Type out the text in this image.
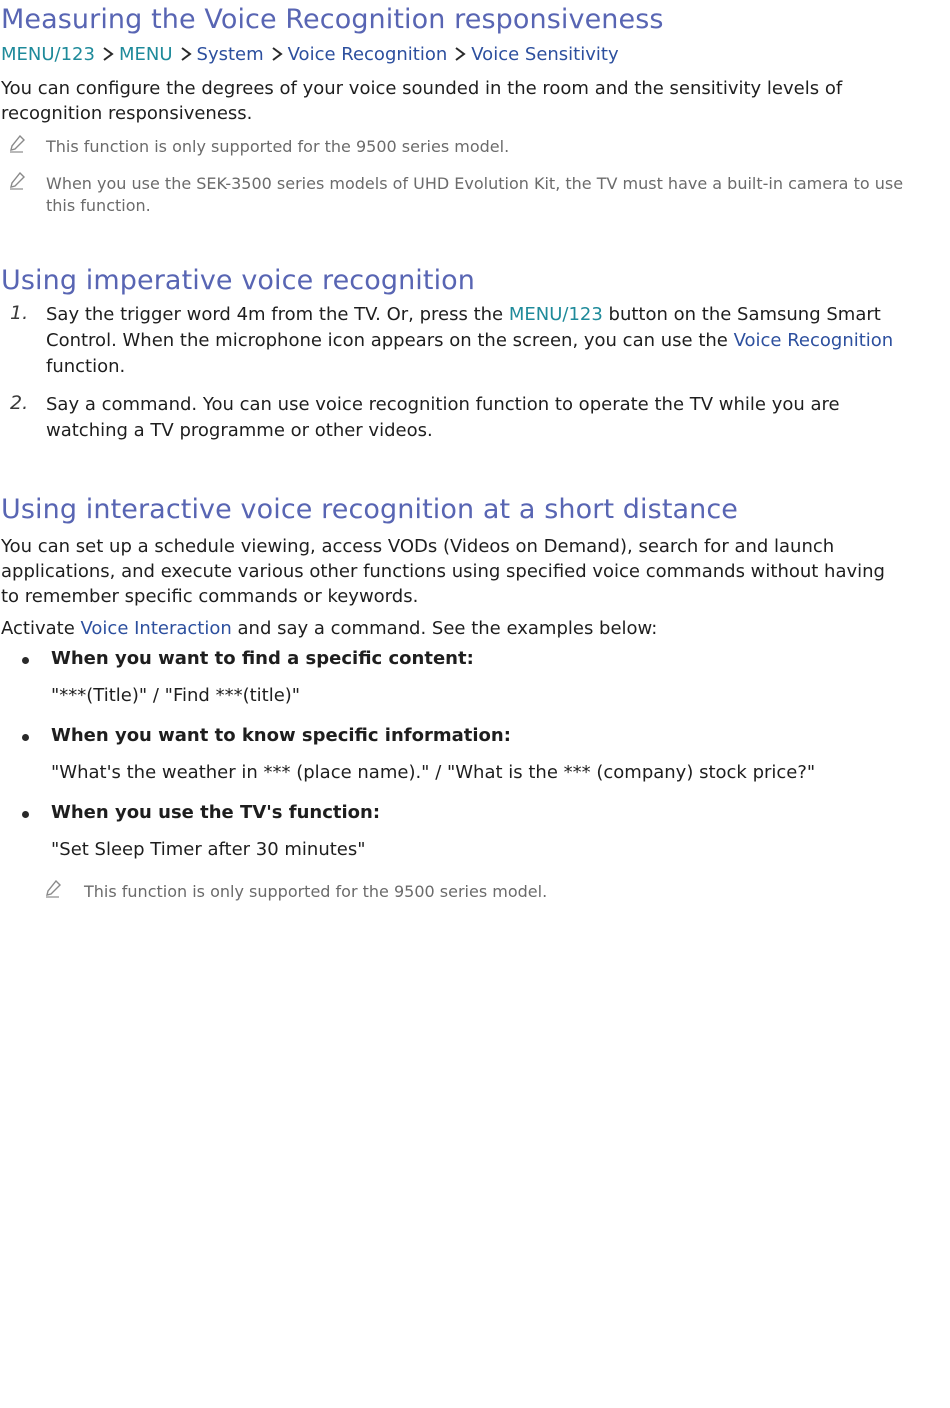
Measuring the Voice Recognition responsiveness
MENU/123 MENU System Voice Recognition Voice Sensitivity
You can configure the degrees of your voice sounded in the room and the sensitivity levels of recognition responsiveness.
This function is only supported for the 9500 series model.
When you use the SEK-3500 series models of UHD Evolution Kit, the TV must have a built-in camera to use this function.
Using imperative voice recognition
1. Say the trigger word 4m from the TV. Or, press the MENU/123 button on the Samsung Smart Control. When the microphone icon appears on the screen, you can use the Voice Recognition function.
2. Say a command. You can use voice recognition function to operate the TV while you are watching a TV programme or other videos.
Using interactive voice recognition at a short distance
You can set up a schedule viewing, access VODs (Videos on Demand), search for and launch applications, and execute various other functions using specified voice commands without having to remember specific commands or keywords.
Activate Voice Interaction and say a command. See the examples below:
When you want to find a specific content:
"***(Title)" / "Find ***(title)"
When you want to know specific information:
"What's the weather in *** (place name)." / "What is the *** (company) stock price?"
When you use the TV's function:
"Set Sleep Timer after 30 minutes"
This function is only supported for the 9500 series model.
